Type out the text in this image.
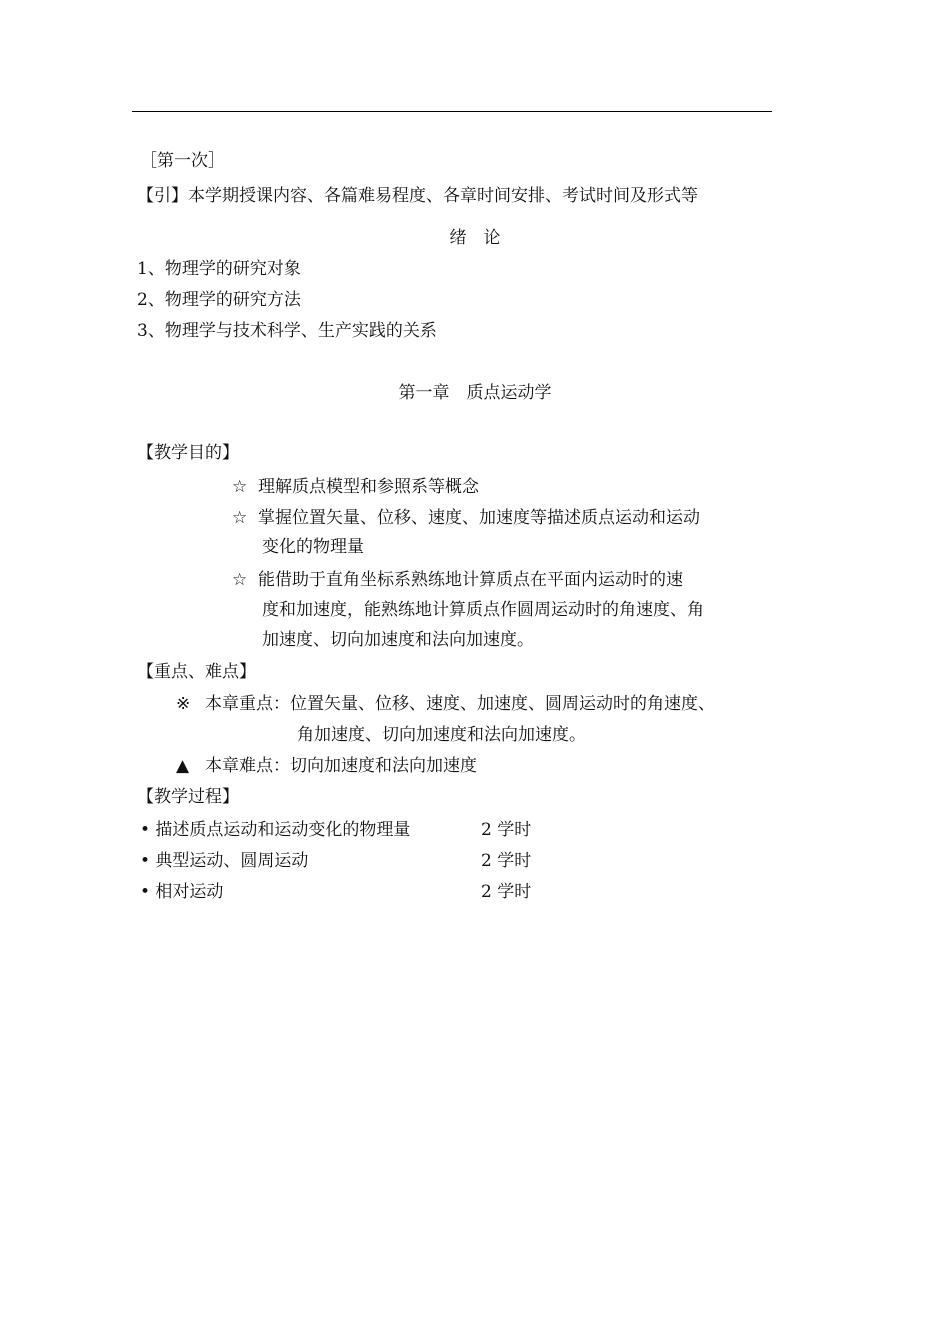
［第一次］
【引】本学期授课内容、各篇难易程度、各章时间安排、考试时间及形式等
绪　论
1、物理学的研究对象
2、物理学的研究方法
3、物理学与技术科学、生产实践的关系
第一章　质点运动学
【教学目的】
☆ 理解质点模型和参照系等概念
☆ 掌握位置矢量、位移、速度、加速度等描述质点运动和运动
变化的物理量
☆ 能借助于直角坐标系熟练地计算质点在平面内运动时的速
度和加速度，能熟练地计算质点作圆周运动时的角速度、角
加速度、切向加速度和法向加速度。
【重点、难点】
※ 本章重点：位置矢量、位移、速度、加速度、圆周运动时的角速度、
角加速度、切向加速度和法向加速度。
▲ 本章难点：切向加速度和法向加速度
【教学过程】
• 描述质点运动和运动变化的物理量	2 学时
• 典型运动、圆周运动	2 学时
• 相对运动	2 学时
